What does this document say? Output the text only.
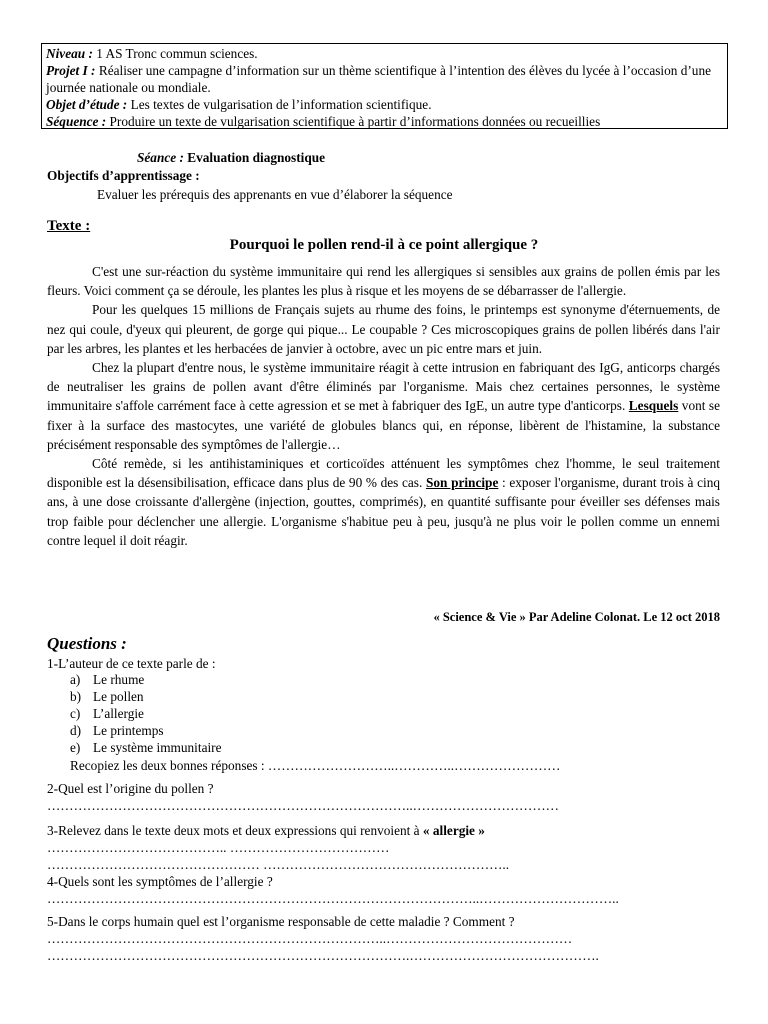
Niveau : 1 AS Tronc commun sciences.
Projet I : Réaliser une campagne d’information sur un thème scientifique à l’intention des élèves du lycée à l’occasion d’une journée nationale ou mondiale.
Objet d’étude : Les textes de vulgarisation de l’information scientifique.
Séquence : Produire un texte de vulgarisation scientifique à partir d’informations données ou recueillies
Séance : Evaluation diagnostique
Objectifs d’apprentissage :
Evaluer les prérequis des apprenants en vue d’élaborer la séquence
Texte :
Pourquoi le pollen rend-il à ce point allergique ?

C'est une sur-réaction du système immunitaire qui rend les allergiques si sensibles aux grains de pollen émis par les fleurs. Voici comment ça se déroule, les plantes les plus à risque et les moyens de se débarrasser de l'allergie.

Pour les quelques 15 millions de Français sujets au rhume des foins, le printemps est synonyme d'éternuements, de nez qui coule, d'yeux qui pleurent, de gorge qui pique... Le coupable ? Ces microscopiques grains de pollen libérés dans l'air par les arbres, les plantes et les herbacées de janvier à octobre, avec un pic entre mars et juin.

Chez la plupart d'entre nous, le système immunitaire réagit à cette intrusion en fabriquant des IgG, anticorps chargés de neutraliser les grains de pollen avant d'être éliminés par l'organisme. Mais chez certaines personnes, le système immunitaire s'affole carrément face à cette agression et se met à fabriquer des IgE, un autre type d'anticorps. Lesquels vont se fixer à la surface des mastocytes, une variété de globules blancs qui, en réponse, libèrent de l'histamine, la substance précisément responsable des symptômes de l'allergie…

Côté remède, si les antihistaminiques et corticoïdes atténuent les symptômes chez l'homme, le seul traitement disponible est la désensibilisation, efficace dans plus de 90 % des cas. Son principe : exposer l'organisme, durant trois à cinq ans, à une dose croissante d'allergène (injection, gouttes, comprimés), en quantité suffisante pour éveiller ses défenses mais trop faible pour déclencher une allergie. L'organisme s'habitue peu à peu, jusqu'à ne plus voir le pollen comme un ennemi contre lequel il doit réagir.

« Science & Vie » Par Adeline Colonat. Le 12 oct 2018
Questions :
1-L’auteur de ce texte parle de :
a) Le rhume
b) Le pollen
c) L’allergie
d) Le printemps
e) Le système immunitaire
Recopiez les deux bonnes réponses : ………………………..…………..……………………
2-Quel est l’origine du pollen ?
………………………………………………………………………..……………………………
3-Relevez dans le texte deux mots et deux expressions qui renvoient à « allergie »
………………………………….. ………………………………
………………………………………… ………………………………………………..
4-Quels sont les symptômes de l’allergie ?
……………………………………………………………………………………..…………………………..
5-Dans le corps humain quel est l’organisme responsable de cette maladie ? Comment ?
…………………………………………………………………..……………………………………
……………………………………………………………………….…………………………………….
